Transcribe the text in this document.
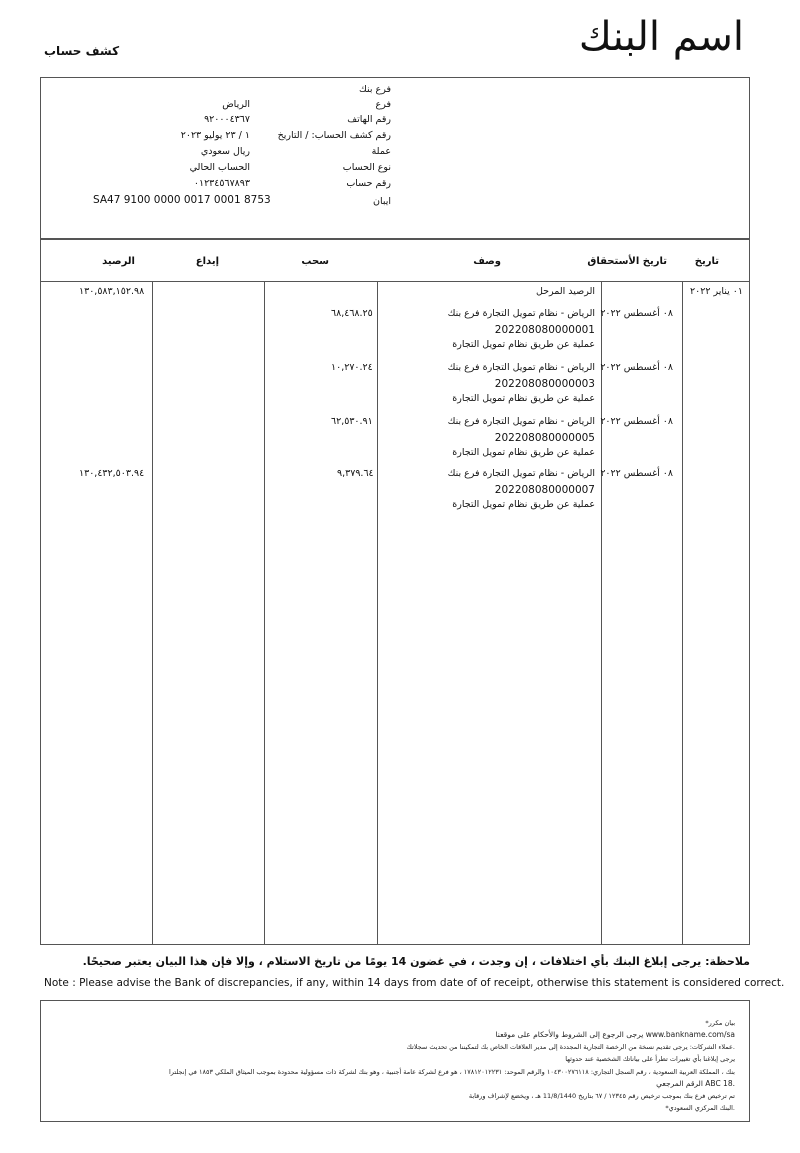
اسم البنك
كشف حساب
فرع بنك
فرع
رقم الهاتف
رقم كشف الحساب: / التاريخ
عملة
نوع الحساب
رقم حساب
ايبان
الرياض
٩٢٠٠٠٤٣٦٧
١ / ٢٣ يوليو ٢٠٢٣
ريال سعودي
الحساب الحالي
٠١٢٣٤٥٦٧٨٩٣
SA47 9100 0000 0017 0001 8753
تاريخ
تاريخ الأستحقاق
وصف
سحب
إيداع
الرصيد
٠١ يناير ٢٠٢٢
الرصيد المرحل
١٣٠,٥٨٣,١٥٢.٩٨
٠٨ أغسطس ٢٠٢٢
الرياض - نظام تمويل التجارة فرع بنك
202208080000001
عملية عن طريق نظام تمويل التجارة
٦٨,٤٦٨.٢٥
٠٨ أغسطس ٢٠٢٢
الرياض - نظام تمويل التجارة فرع بنك
202208080000003
عملية عن طريق نظام تمويل التجارة
١٠,٢٧٠.٢٤
٠٨ أغسطس ٢٠٢٢
الرياض - نظام تمويل التجارة فرع بنك
202208080000005
عملية عن طريق نظام تمويل التجارة
٦٢,٥٣٠.٩١
٠٨ أغسطس ٢٠٢٢
الرياض - نظام تمويل التجارة فرع بنك
202208080000007
عملية عن طريق نظام تمويل التجارة
٩,٣٧٩.٦٤
١٣٠,٤٣٢,٥٠٣.٩٤
ملاحظة: يرجى إبلاغ البنك بأي اختلافات ، إن وجدت ، في غضون 14 يومًا من تاريخ الاستلام ، وإلا فإن هذا البيان يعتبر صحيحًا.
Note : Please advise the Bank of discrepancies, if any, within 14 days from date of of receipt, otherwise this statement is considered correct.
بيان مكرر*
www.bankname.com/sa يرجى الرجوع إلى الشروط والأحكام على موقعنا
.عملاء الشركات: يرجى تقديم نسخة من الرخصة التجارية المجددة إلى مدير العلاقات الخاص بك لتمكيننا من تحديث سجلاتك
يرجى إبلاغنا بأي تغييرات تطرأ على بياناتك الشخصية عند حدوثها
بنك ، المملكة العربية السعودية ، رقم السجل التجاري: ١٠٤٣٠٠٢٧٦١١٨ والرقم الموحد: ١٧٨١٢٠١٢٢٣١ ، هو فرع لشركة عامة أجنبية ، وهو بنك لشركة ذات مسؤولية محدودة بموجب الميثاق الملكي ١٨٥٣ في إنجلترا
.ABC 18 الرقم المرجعي
تم ترخيص فرع بنك بموجب ترخيص رقم ١٢٣٤٥ / ٦٧ بتاريخ 11/8/1440 هـ ، ويخضع لإشراف ورقابة
.البنك المركزي السعودي*
